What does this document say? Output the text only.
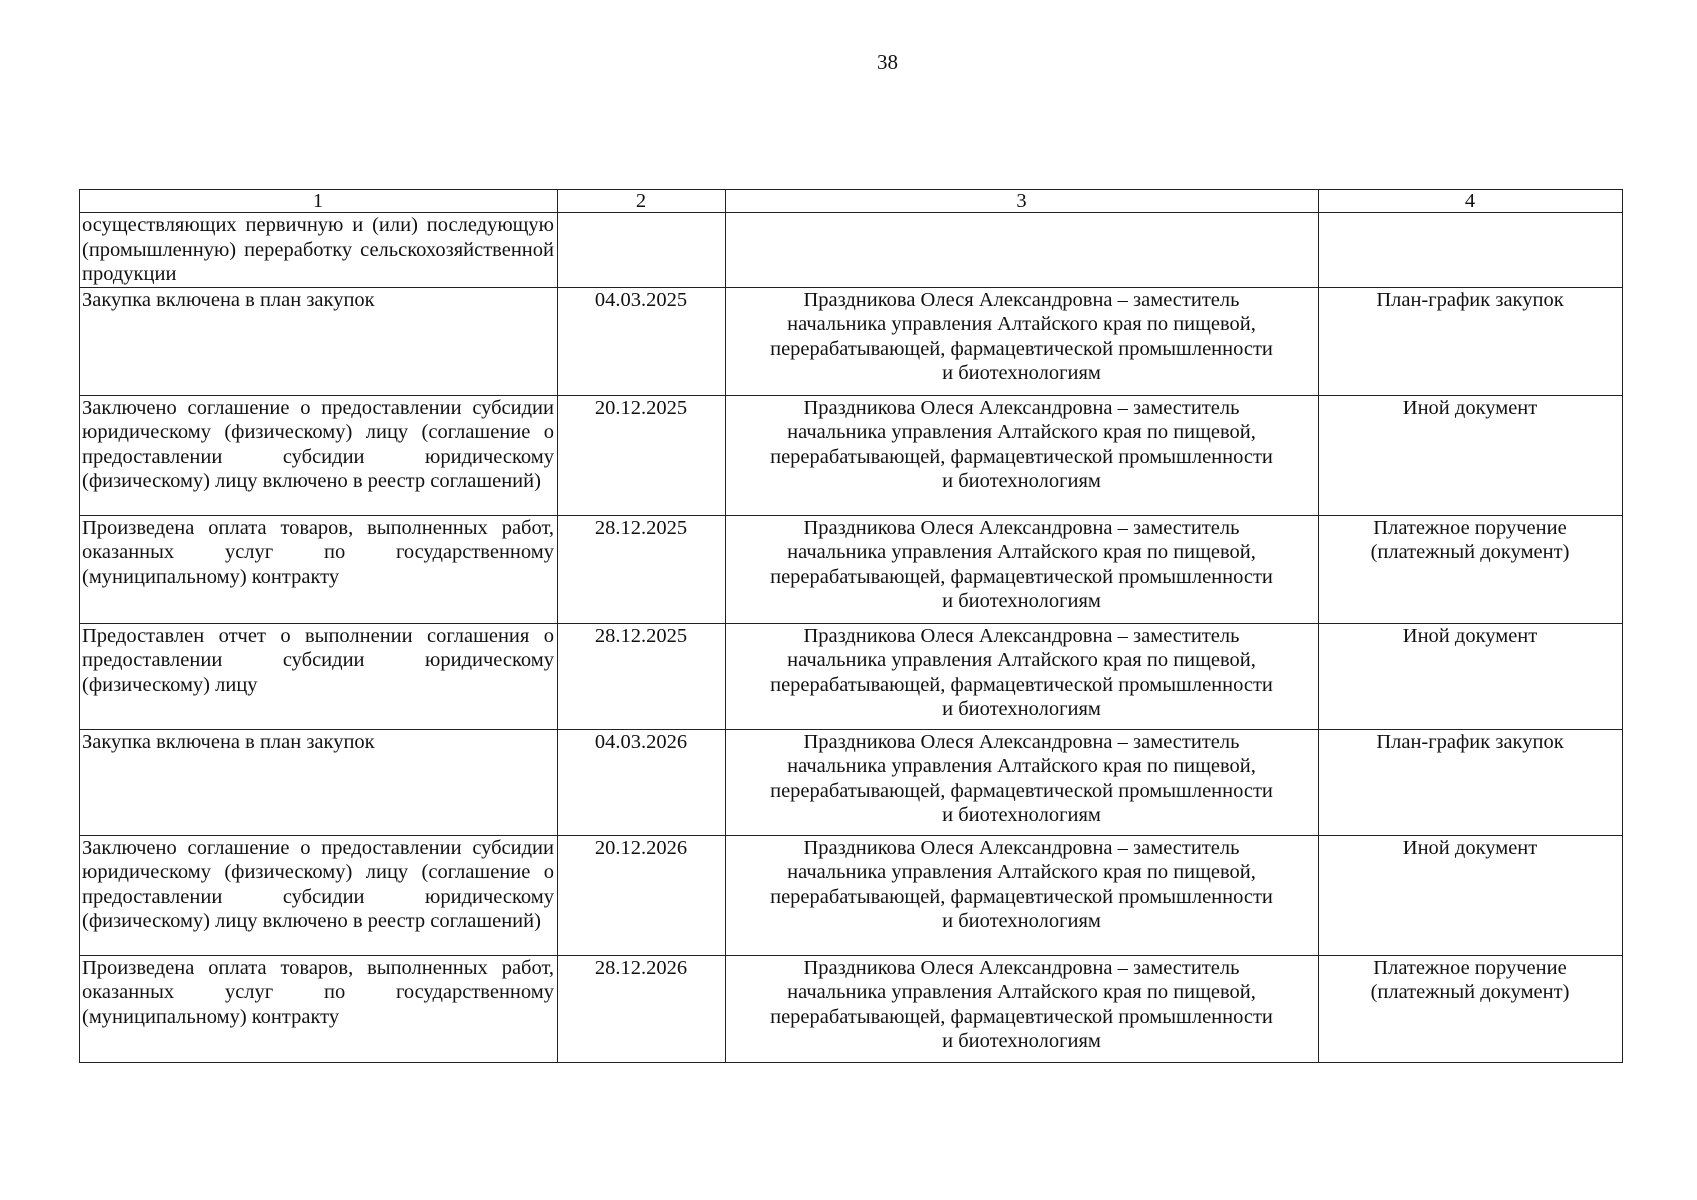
38
1	2	3	4
осуществляющих первичную и (или) последующую (промышленную) переработку сельскохозяйственной продукции			
Закупка включена в план закупок	04.03.2025	Праздникова Олеся Александровна – заместитель
начальника управления Алтайского края по пищевой,
перерабатывающей, фармацевтической промышленности
и биотехнологиям	План-график закупок
Заключено соглашение о предоставлении субсидии юридическому (физическому) лицу (соглашение о предоставлении субсидии юридическому (физическому) лицу включено в реестр соглашений)	20.12.2025	Праздникова Олеся Александровна – заместитель
начальника управления Алтайского края по пищевой,
перерабатывающей, фармацевтической промышленности
и биотехнологиям	Иной документ
Произведена оплата товаров, выполненных работ, оказанных услуг по государственному (муниципальному) контракту	28.12.2025	Праздникова Олеся Александровна – заместитель
начальника управления Алтайского края по пищевой,
перерабатывающей, фармацевтической промышленности
и биотехнологиям	Платежное поручение (платежный документ)
Предоставлен отчет о выполнении соглашения о предоставлении субсидии юридическому (физическому) лицу	28.12.2025	Праздникова Олеся Александровна – заместитель
начальника управления Алтайского края по пищевой,
перерабатывающей, фармацевтической промышленности
и биотехнологиям	Иной документ
Закупка включена в план закупок	04.03.2026	Праздникова Олеся Александровна – заместитель
начальника управления Алтайского края по пищевой,
перерабатывающей, фармацевтической промышленности
и биотехнологиям	План-график закупок
Заключено соглашение о предоставлении субсидии юридическому (физическому) лицу (соглашение о предоставлении субсидии юридическому (физическому) лицу включено в реестр соглашений)	20.12.2026	Праздникова Олеся Александровна – заместитель
начальника управления Алтайского края по пищевой,
перерабатывающей, фармацевтической промышленности
и биотехнологиям	Иной документ
Произведена оплата товаров, выполненных работ, оказанных услуг по государственному (муниципальному) контракту	28.12.2026	Праздникова Олеся Александровна – заместитель
начальника управления Алтайского края по пищевой,
перерабатывающей, фармацевтической промышленности
и биотехнологиям	Платежное поручение (платежный документ)
